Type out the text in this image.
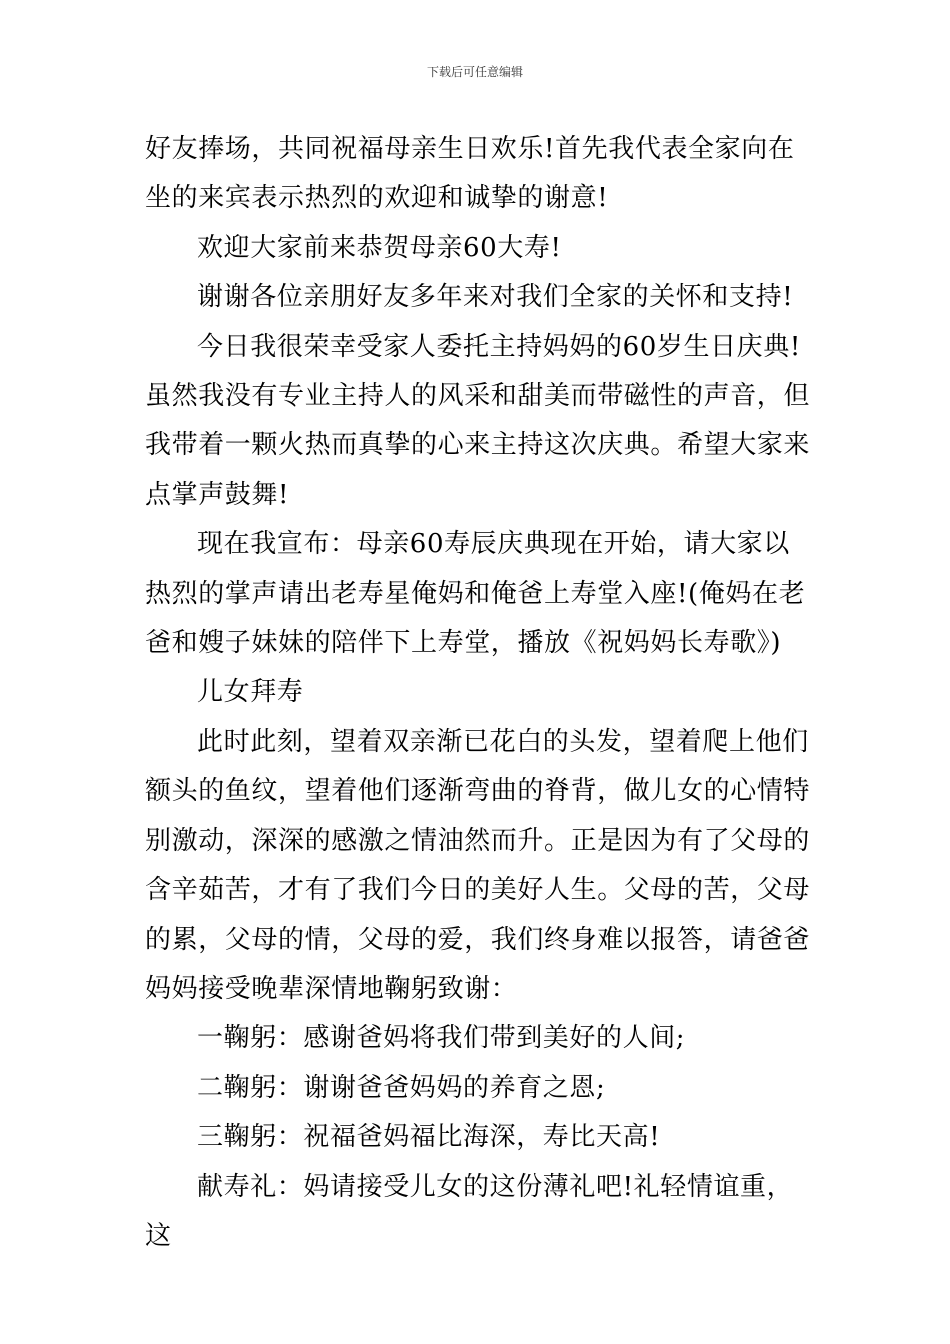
下载后可任意编辑

好友捧场，共同祝福母亲生日欢乐!首先我代表全家向在坐的来宾表示热烈的欢迎和诚挚的谢意!

欢迎大家前来恭贺母亲60大寿!

谢谢各位亲朋好友多年来对我们全家的关怀和支持!

今日我很荣幸受家人委托主持妈妈的60岁生日庆典!虽然我没有专业主持人的风采和甜美而带磁性的声音，但我带着一颗火热而真挚的心来主持这次庆典。希望大家来点掌声鼓舞!

现在我宣布：母亲60寿辰庆典现在开始，请大家以热烈的掌声请出老寿星俺妈和俺爸上寿堂入座!(俺妈在老爸和嫂子妹妹的陪伴下上寿堂，播放《祝妈妈长寿歌》)

儿女拜寿

此时此刻，望着双亲渐已花白的头发，望着爬上他们额头的鱼纹，望着他们逐渐弯曲的脊背，做儿女的心情特别激动，深深的感激之情油然而升。正是因为有了父母的含辛茹苦，才有了我们今日的美好人生。父母的苦，父母的累，父母的情，父母的爱，我们终身难以报答，请爸爸妈妈接受晚辈深情地鞠躬致谢：

一鞠躬：感谢爸妈将我们带到美好的人间;

二鞠躬：谢谢爸爸妈妈的养育之恩;

三鞠躬：祝福爸妈福比海深，寿比天高!

献寿礼：妈请接受儿女的这份薄礼吧!礼轻情谊重，这
